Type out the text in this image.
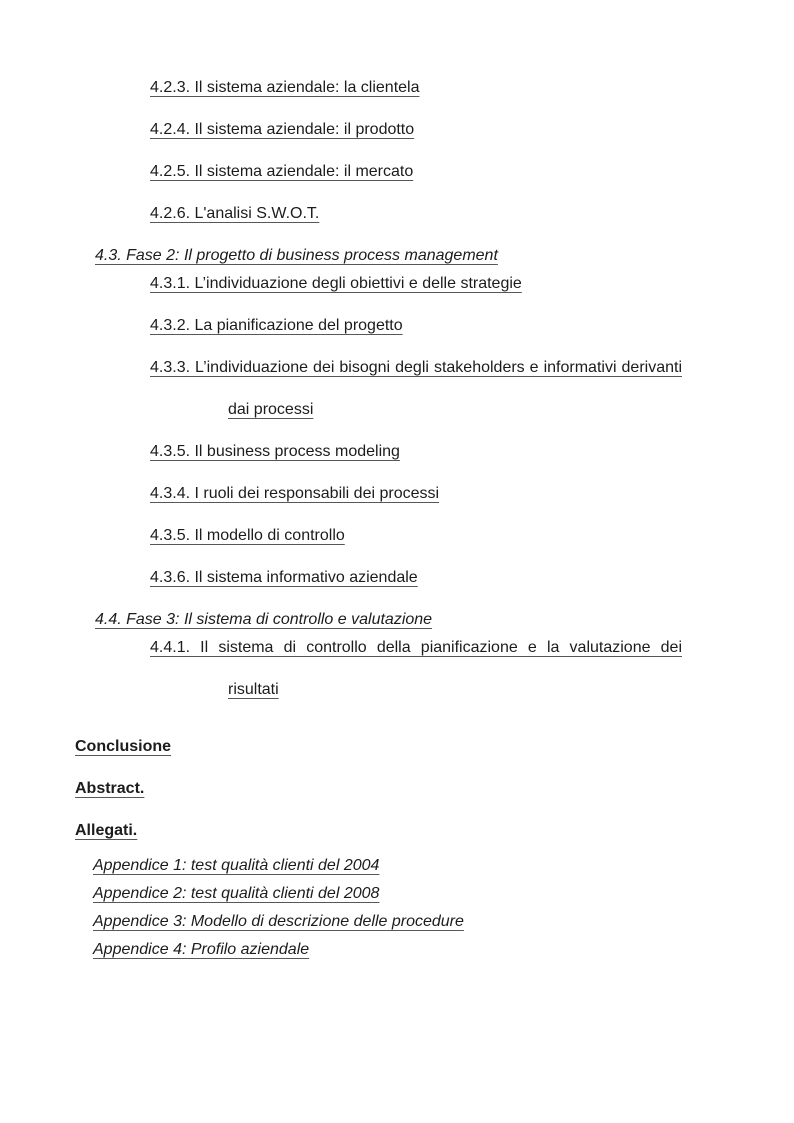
4.2.3. Il sistema aziendale: la clientela
4.2.4. Il sistema aziendale: il prodotto
4.2.5. Il sistema aziendale: il mercato
4.2.6. L'analisi S.W.O.T.
4.3. Fase 2: Il progetto di business process management
4.3.1. L’individuazione degli obiettivi e delle strategie
4.3.2. La pianificazione del progetto
4.3.3. L’individuazione dei bisogni degli stakeholders e informativi derivanti
dai processi
4.3.5. Il business process modeling
4.3.4. I ruoli dei responsabili dei processi
4.3.5. Il modello di controllo
4.3.6. Il sistema informativo aziendale
4.4. Fase 3: Il sistema di controllo e valutazione
4.4.1. Il sistema di controllo della pianificazione e la valutazione dei
risultati
Conclusione
Abstract.
Allegati.
Appendice 1: test qualità clienti del 2004
Appendice 2: test qualità clienti del 2008
Appendice 3: Modello di descrizione delle procedure
Appendice 4: Profilo aziendale
